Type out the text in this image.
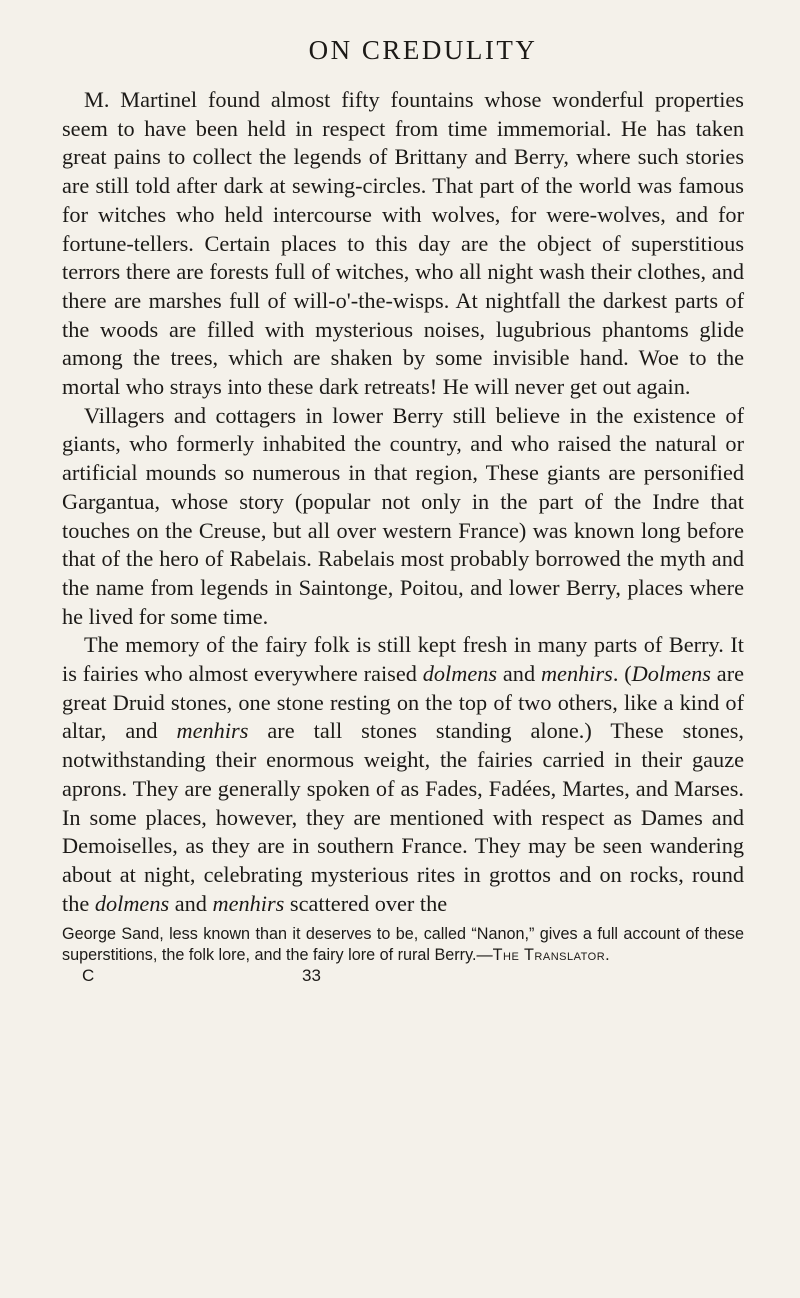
ON CREDULITY

M. Martinel found almost fifty fountains whose wonderful properties seem to have been held in respect from time immemorial. He has taken great pains to collect the legends of Brittany and Berry, where such stories are still told after dark at sewing-circles. That part of the world was famous for witches who held intercourse with wolves, for were-wolves, and for fortune-tellers. Certain places to this day are the object of superstitious terrors there are forests full of witches, who all night wash their clothes, and there are marshes full of will-o'-the-wisps. At nightfall the darkest parts of the woods are filled with mysterious noises, lugubrious phantoms glide among the trees, which are shaken by some invisible hand. Woe to the mortal who strays into these dark retreats! He will never get out again.

Villagers and cottagers in lower Berry still believe in the existence of giants, who formerly inhabited the country, and who raised the natural or artificial mounds so numerous in that region, These giants are personified Gargantua, whose story (popular not only in the part of the Indre that touches on the Creuse, but all over western France) was known long before that of the hero of Rabelais. Rabelais most probably borrowed the myth and the name from legends in Saintonge, Poitou, and lower Berry, places where he lived for some time.

The memory of the fairy folk is still kept fresh in many parts of Berry. It is fairies who almost everywhere raised dolmens and menhirs. (Dolmens are great Druid stones, one stone resting on the top of two others, like a kind of altar, and menhirs are tall stones standing alone.) These stones, notwithstanding their enormous weight, the fairies carried in their gauze aprons. They are generally spoken of as Fades, Fadées, Martes, and Marses. In some places, however, they are mentioned with respect as Dames and Demoiselles, as they are in southern France. They may be seen wandering about at night, celebrating mysterious rites in grottos and on rocks, round the dolmens and menhirs scattered over the

George Sand, less known than it deserves to be, called “Nanon,” gives a full account of these superstitions, the folk lore, and the fairy lore of rural Berry.—The Translator.
C	33
